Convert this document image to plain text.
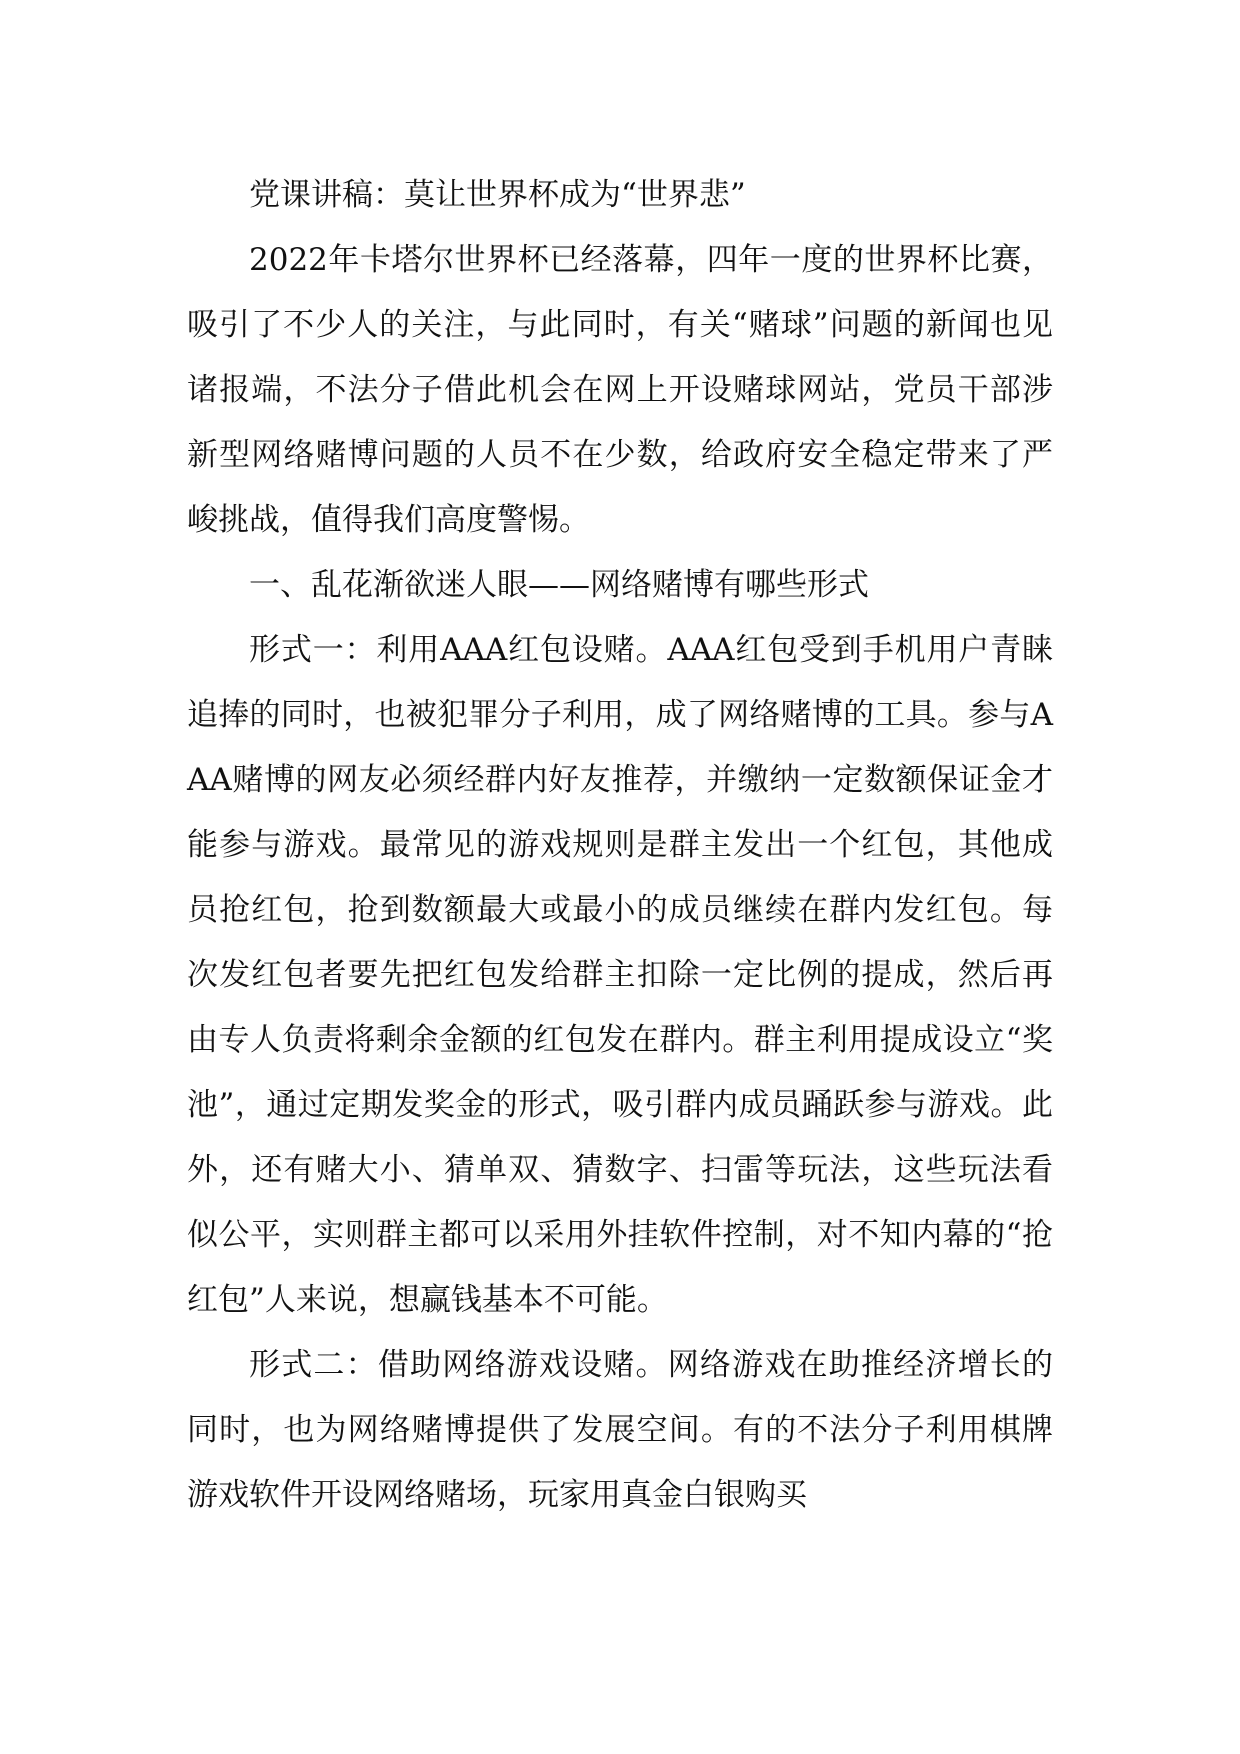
党课讲稿：莫让世界杯成为“世界悲”

2022年卡塔尔世界杯已经落幕，四年一度的世界杯比赛，吸引了不少人的关注，与此同时，有关“赌球”问题的新闻也见诸报端，不法分子借此机会在网上开设赌球网站，党员干部涉新型网络赌博问题的人员不在少数，给政府安全稳定带来了严峻挑战，值得我们高度警惕。

一、乱花渐欲迷人眼——网络赌博有哪些形式

形式一：利用AAA红包设赌。AAA红包受到手机用户青睐追捧的同时，也被犯罪分子利用，成了网络赌博的工具。参与AAA赌博的网友必须经群内好友推荐，并缴纳一定数额保证金才能参与游戏。最常见的游戏规则是群主发出一个红包，其他成员抢红包，抢到数额最大或最小的成员继续在群内发红包。每次发红包者要先把红包发给群主扣除一定比例的提成，然后再由专人负责将剩余金额的红包发在群内。群主利用提成设立“奖池”，通过定期发奖金的形式，吸引群内成员踊跃参与游戏。此外，还有赌大小、猜单双、猜数字、扫雷等玩法，这些玩法看似公平，实则群主都可以采用外挂软件控制，对不知内幕的“抢红包”人来说，想赢钱基本不可能。

形式二：借助网络游戏设赌。网络游戏在助推经济增长的同时，也为网络赌博提供了发展空间。有的不法分子利用棋牌游戏软件开设网络赌场，玩家用真金白银购买
